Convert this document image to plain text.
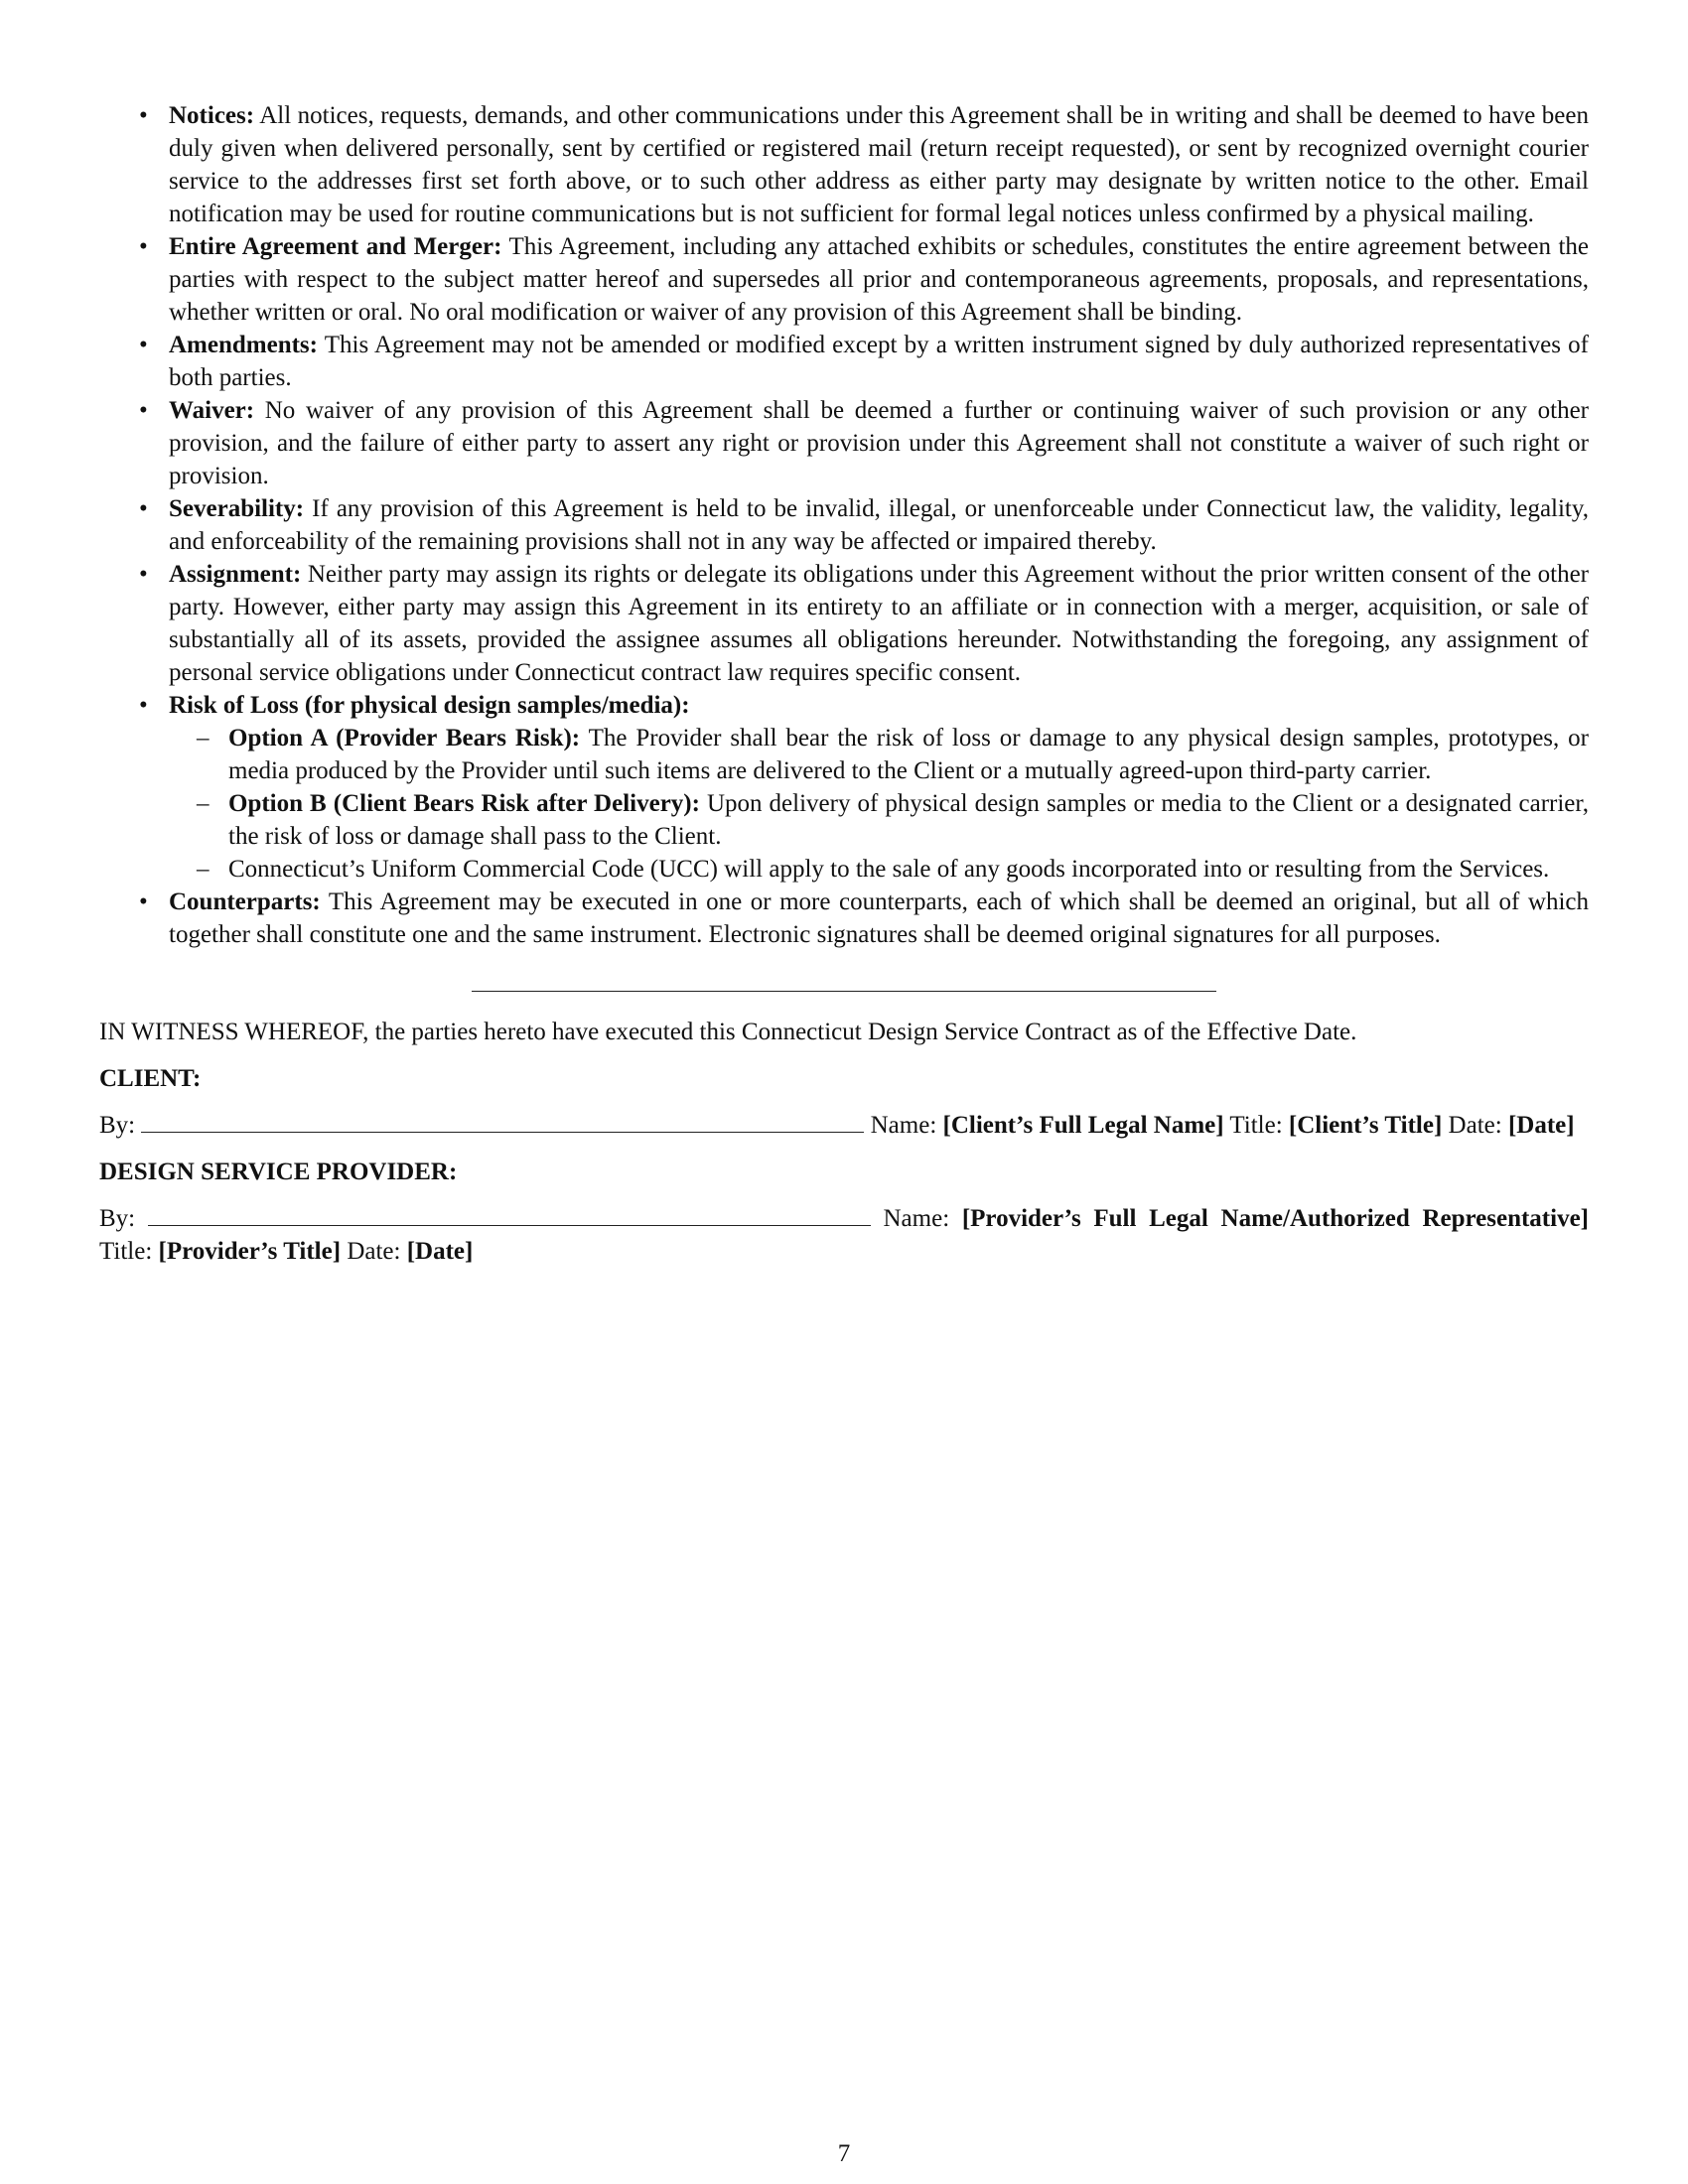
• Notices: All notices, requests, demands, and other communications under this Agreement shall be in writing and shall be deemed to have been duly given when delivered personally, sent by certified or registered mail (return receipt requested), or sent by recognized overnight courier service to the addresses first set forth above, or to such other address as either party may designate by written notice to the other. Email notification may be used for routine communications but is not sufficient for formal legal notices unless confirmed by a physical mailing.
• Entire Agreement and Merger: This Agreement, including any attached exhibits or schedules, constitutes the entire agreement between the parties with respect to the subject matter hereof and supersedes all prior and contemporaneous agreements, proposals, and representations, whether written or oral. No oral modification or waiver of any provision of this Agreement shall be binding.
• Amendments: This Agreement may not be amended or modified except by a written instrument signed by duly authorized representatives of both parties.
• Waiver: No waiver of any provision of this Agreement shall be deemed a further or continuing waiver of such provision or any other provision, and the failure of either party to assert any right or provision under this Agreement shall not constitute a waiver of such right or provision.
• Severability: If any provision of this Agreement is held to be invalid, illegal, or unenforceable under Connecticut law, the validity, legality, and enforceability of the remaining provisions shall not in any way be affected or impaired thereby.
• Assignment: Neither party may assign its rights or delegate its obligations under this Agreement without the prior written consent of the other party. However, either party may assign this Agreement in its entirety to an affiliate or in connection with a merger, acquisition, or sale of substantially all of its assets, provided the assignee assumes all obligations hereunder. Notwithstanding the foregoing, any assignment of personal service obligations under Connecticut contract law requires specific consent.
• Risk of Loss (for physical design samples/media):
– Option A (Provider Bears Risk): The Provider shall bear the risk of loss or damage to any physical design samples, prototypes, or media produced by the Provider until such items are delivered to the Client or a mutually agreed-upon third-party carrier.
– Option B (Client Bears Risk after Delivery): Upon delivery of physical design samples or media to the Client or a designated carrier, the risk of loss or damage shall pass to the Client.
– Connecticut’s Uniform Commercial Code (UCC) will apply to the sale of any goods incorporated into or resulting from the Services.
• Counterparts: This Agreement may be executed in one or more counterparts, each of which shall be deemed an original, but all of which together shall constitute one and the same instrument. Electronic signatures shall be deemed original signatures for all purposes.

IN WITNESS WHEREOF, the parties hereto have executed this Connecticut Design Service Contract as of the Effective Date.

CLIENT:

By:	Name: [Client’s Full Legal Name] Title: [Client’s Title] Date: [Date]

DESIGN SERVICE PROVIDER:

By:	Name: [Provider’s Full Legal Name/Authorized Representative] Title: [Provider’s Title] Date: [Date]

7
